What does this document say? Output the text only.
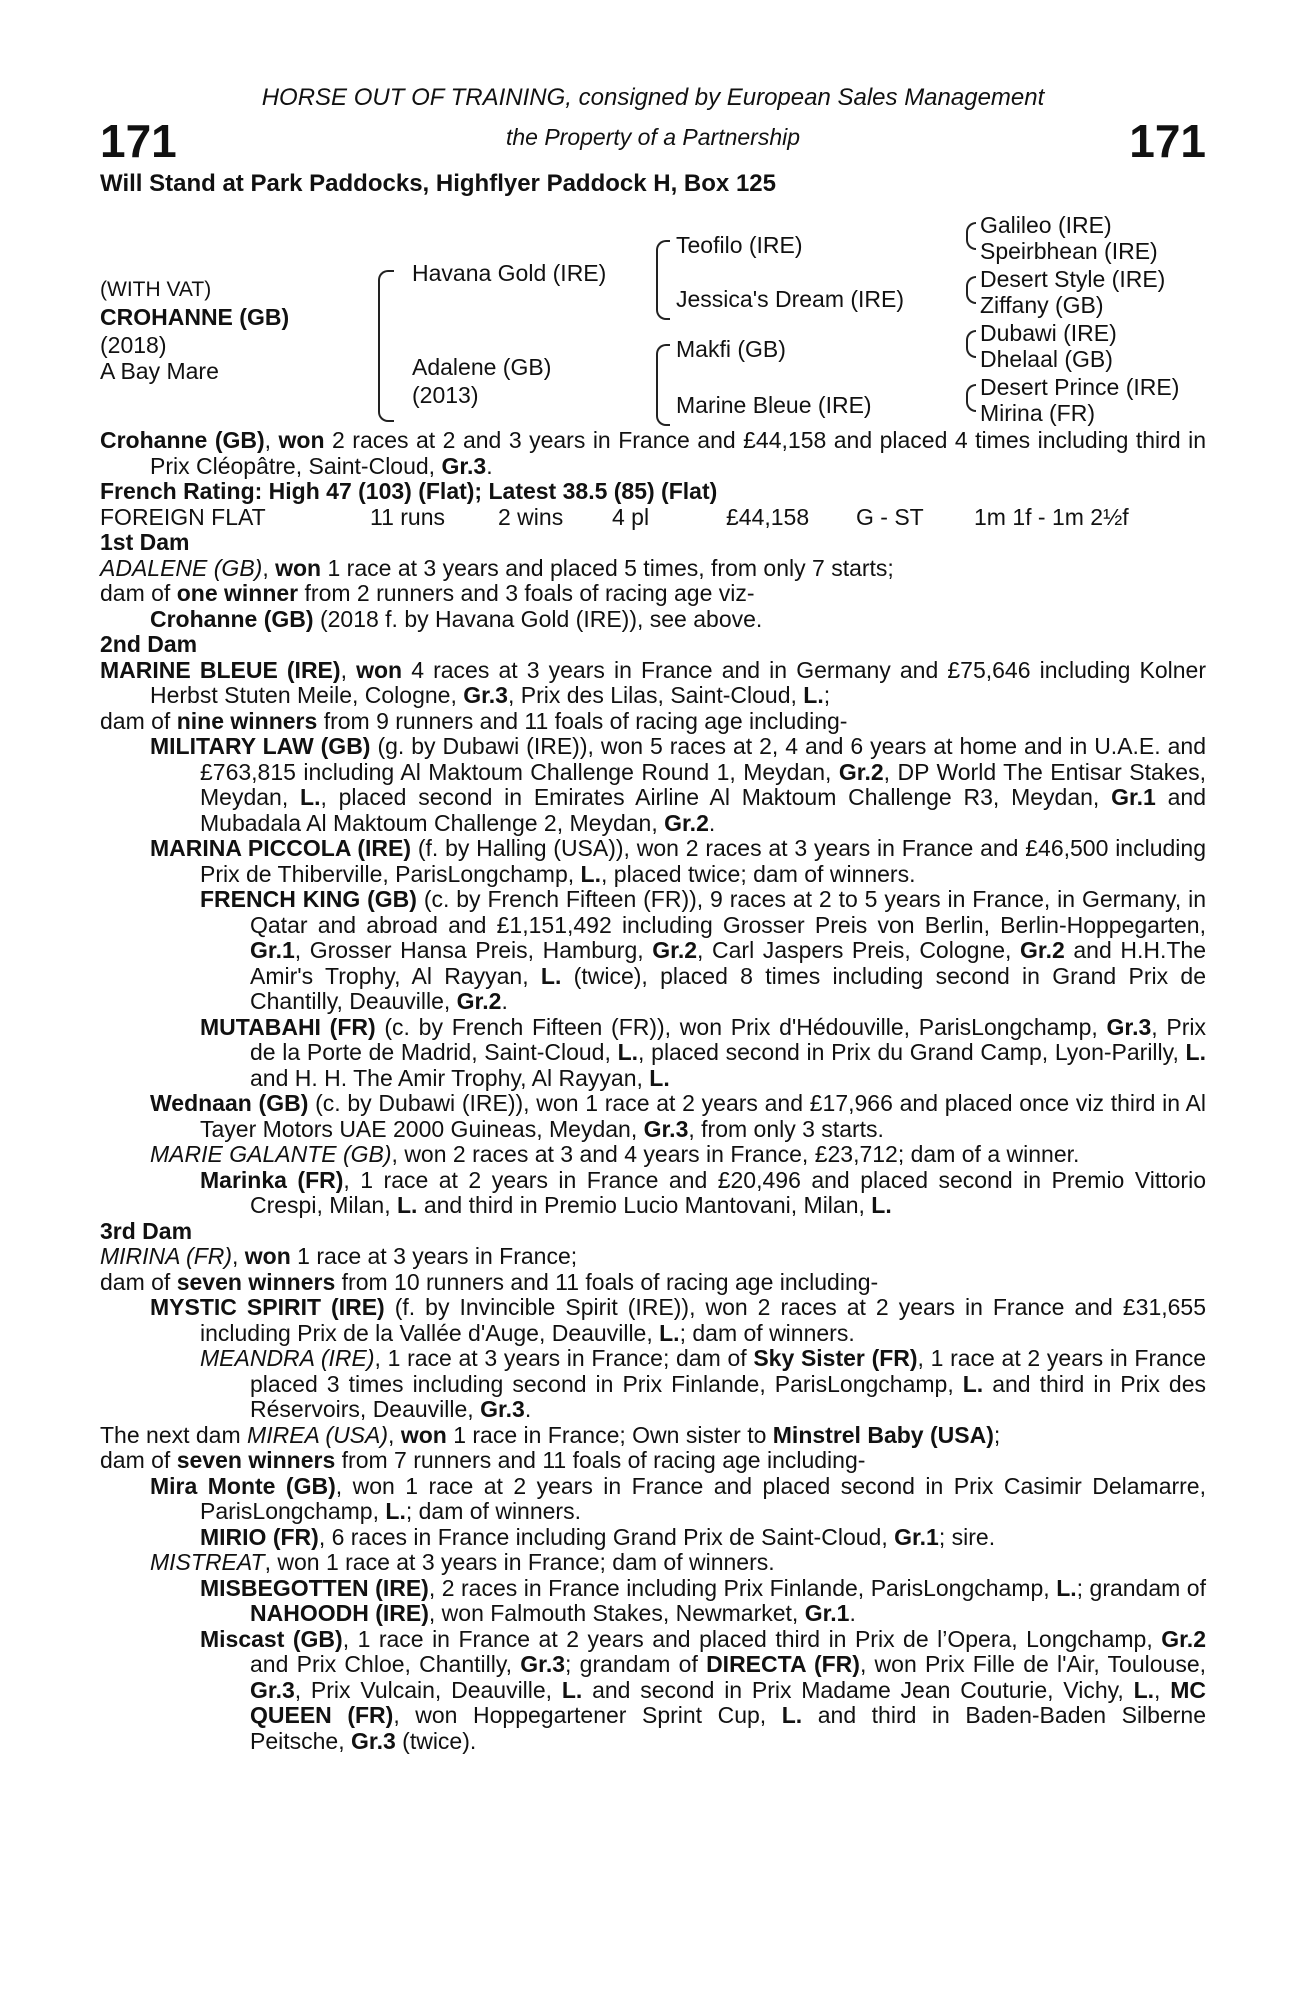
171
HORSE OUT OF TRAINING, consigned by European Sales Management
the Property of a Partnership	171
Will Stand at Park Paddocks, Highflyer Paddock H, Box 125
(WITH VAT)
CROHANNE (GB)
(2018)
A Bay Mare
Havana Gold (IRE)
Adalene (GB)
(2013)
Teofilo (IRE)
Jessica's Dream (IRE)
Makfi (GB)
Marine Bleue (IRE)
Galileo (IRE)
Speirbhean (IRE)
Desert Style (IRE)
Ziffany (GB)
Dubawi (IRE)
Dhelaal (GB)
Desert Prince (IRE)
Mirina (FR)

Crohanne (GB), won 2 races at 2 and 3 years in France and £44,158 and placed 4 times including third in Prix Cléopâtre, Saint-Cloud, Gr.3.

French Rating: High 47 (103) (Flat); Latest 38.5 (85) (Flat)

FOREIGN FLAT	11 runs	2 wins	4 pl	£44,158	G - ST	1m 1f - 1m 2½f

1st Dam

ADALENE (GB), won 1 race at 3 years and placed 5 times, from only 7 starts;

dam of one winner from 2 runners and 3 foals of racing age viz-

Crohanne (GB) (2018 f. by Havana Gold (IRE)), see above.

2nd Dam

MARINE BLEUE (IRE), won 4 races at 3 years in France and in Germany and £75,646 including Kolner Herbst Stuten Meile, Cologne, Gr.3, Prix des Lilas, Saint-Cloud, L.;

dam of nine winners from 9 runners and 11 foals of racing age including-

MILITARY LAW (GB) (g. by Dubawi (IRE)), won 5 races at 2, 4 and 6 years at home and in U.A.E. and £763,815 including Al Maktoum Challenge Round 1, Meydan, Gr.2, DP World The Entisar Stakes, Meydan, L., placed second in Emirates Airline Al Maktoum Challenge R3, Meydan, Gr.1 and Mubadala Al Maktoum Challenge 2, Meydan, Gr.2.

MARINA PICCOLA (IRE) (f. by Halling (USA)), won 2 races at 3 years in France and £46,500 including Prix de Thiberville, ParisLongchamp, L., placed twice; dam of winners.

FRENCH KING (GB) (c. by French Fifteen (FR)), 9 races at 2 to 5 years in France, in Germany, in Qatar and abroad and £1,151,492 including Grosser Preis von Berlin, Berlin-Hoppegarten, Gr.1, Grosser Hansa Preis, Hamburg, Gr.2, Carl Jaspers Preis, Cologne, Gr.2 and H.H.The Amir's Trophy, Al Rayyan, L. (twice), placed 8 times including second in Grand Prix de Chantilly, Deauville, Gr.2.

MUTABAHI (FR) (c. by French Fifteen (FR)), won Prix d'Hédouville, ParisLongchamp, Gr.3, Prix de la Porte de Madrid, Saint-Cloud, L., placed second in Prix du Grand Camp, Lyon-Parilly, L. and H. H. The Amir Trophy, Al Rayyan, L.

Wednaan (GB) (c. by Dubawi (IRE)), won 1 race at 2 years and £17,966 and placed once viz third in Al Tayer Motors UAE 2000 Guineas, Meydan, Gr.3, from only 3 starts.

MARIE GALANTE (GB), won 2 races at 3 and 4 years in France, £23,712; dam of a winner.

Marinka (FR), 1 race at 2 years in France and £20,496 and placed second in Premio Vittorio Crespi, Milan, L. and third in Premio Lucio Mantovani, Milan, L.

3rd Dam

MIRINA (FR), won 1 race at 3 years in France;

dam of seven winners from 10 runners and 11 foals of racing age including-

MYSTIC SPIRIT (IRE) (f. by Invincible Spirit (IRE)), won 2 races at 2 years in France and £31,655 including Prix de la Vallée d'Auge, Deauville, L.; dam of winners.

MEANDRA (IRE), 1 race at 3 years in France; dam of Sky Sister (FR), 1 race at 2 years in France placed 3 times including second in Prix Finlande, ParisLongchamp, L. and third in Prix des Réservoirs, Deauville, Gr.3.

The next dam MIREA (USA), won 1 race in France; Own sister to Minstrel Baby (USA);

dam of seven winners from 7 runners and 11 foals of racing age including-

Mira Monte (GB), won 1 race at 2 years in France and placed second in Prix Casimir Delamarre, ParisLongchamp, L.; dam of winners.

MIRIO (FR), 6 races in France including Grand Prix de Saint-Cloud, Gr.1; sire.

MISTREAT, won 1 race at 3 years in France; dam of winners.

MISBEGOTTEN (IRE), 2 races in France including Prix Finlande, ParisLongchamp, L.; grandam of NAHOODH (IRE), won Falmouth Stakes, Newmarket, Gr.1.

Miscast (GB), 1 race in France at 2 years and placed third in Prix de l’Opera, Longchamp, Gr.2 and Prix Chloe, Chantilly, Gr.3; grandam of DIRECTA (FR), won Prix Fille de l'Air, Toulouse, Gr.3, Prix Vulcain, Deauville, L. and second in Prix Madame Jean Couturie, Vichy, L., MC QUEEN (FR), won Hoppegartener Sprint Cup, L. and third in Baden-Baden Silberne Peitsche, Gr.3 (twice).
